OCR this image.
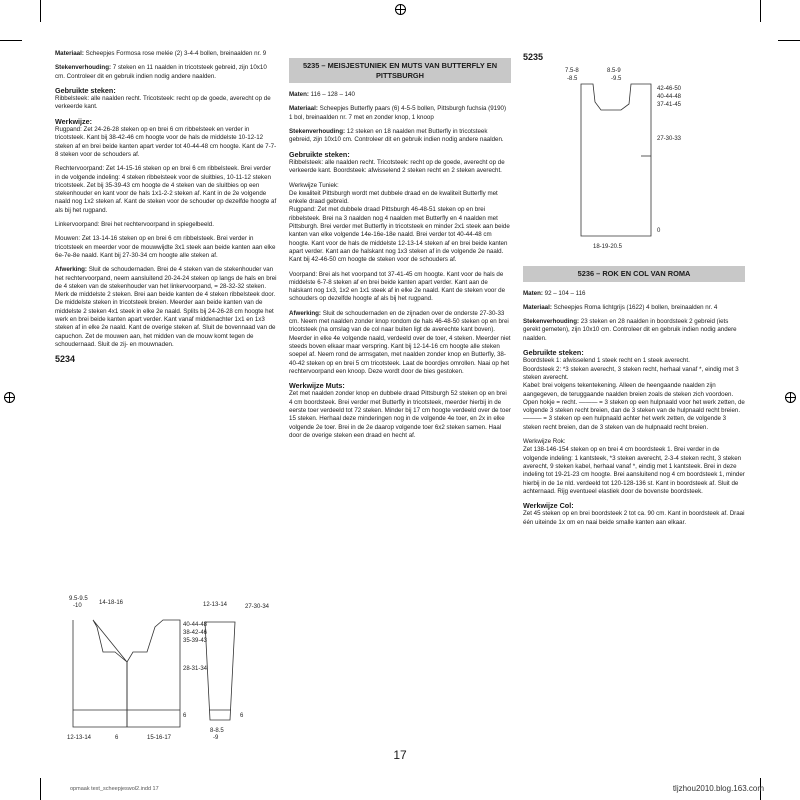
Materiaal: Scheepjes Formosa rose melée (2) 3-4-4 bollen, breinaalden nr. 9
Stekenverhouding: 7 steken en 11 naalden in tricotsteek gebreid, zijn 10x10 cm. Controleer dit en gebruik indien nodig andere naalden.
Gebruikte steken:
Ribbelsteek: alle naalden recht. Tricotsteek: recht op de goede, averecht op de verkeerde kant.
Werkwijze:
Rugpand: Zet 24-26-28 steken op en brei 6 cm ribbelsteek en verder in tricotsteek. Kant bij 38-42-46 cm hoogte voor de hals de middelste 10-12-12 steken af en brei beide kanten apart verder tot 40-44-48 cm hoogte. Kant de 7-7-8 steken voor de schouders af.
Rechtervoorpand: Zet 14-15-16 steken op en brei 6 cm ribbelsteek. Brei verder in de volgende indeling: 4 steken ribbelsteek voor de sluitbies, 10-11-12 steken tricotsteek. Zet bij 35-39-43 cm hoogte de 4 steken van de sluitbies op een stekenhouder en kant voor de hals 1x1-2-2 steken af. Kant in de 2e volgende naald nog 1x2 steken af. Kant de steken voor de schouder op dezelfde hoogte af als bij het rugpand.
Linkervoorpand: Brei het rechtervoorpand in spiegelbeeld.
Mouwen: Zet 13-14-16 steken op en brei 6 cm ribbelsteek. Brei verder in tricotsteek en meerder voor de mouwwijdte 3x1 steek aan beide kanten aan elke 6e-7e-8e naald. Kant bij 27-30-34 cm hoogte alle steken af.
Afwerking: Sluit de schoudernaden. Brei de 4 steken van de stekenhouder van het rechtervoorpand, neem aansluitend 20-24-24 steken op langs de hals en brei de 4 steken van de stekenhouder van het linkervoorpand, = 28-32-32 steken. Merk de middelste 2 steken. Brei aan beide kanten de 4 steken ribbelsteek door. De middelste steken in tricotsteek breien. Meerder aan beide kanten van de middelste 2 steken 4x1 steek in elke 2e naald. Splits bij 24-26-28 cm hoogte het werk en brei beide kanten apart verder. Kant vanaf middenachter 1x1 en 1x3 steken af in elke 2e naald. Kant de overige steken af. Sluit de bovennaad van de capuchon. Zet de mouwen aan, het midden van de mouw komt tegen de schoudernaad. Sluit de zij- en mouwnaden.
5234
9.5-9.5
-10	14-18-16
40-44-48
38-42-46
35-39-43
28-31-34
6
12-13-14	6	15-16-17
12-13-14	27-30-34
6
8-8.5
-9
5235 – MEISJESTUNIEK EN MUTS VAN BUTTERFLY EN PITTSBURGH
Maten: 116 – 128 – 140
Materiaal: Scheepjes Butterfly paars (6) 4-5-5 bollen, Pittsburgh fuchsia (9190) 1 bol, breinaalden nr. 7 met en zonder knop, 1 knoop
Stekenverhouding: 12 steken en 18 naalden met Butterfly in tricotsteek gebreid, zijn 10x10 cm. Controleer dit en gebruik indien nodig andere naalden.
Gebruikte steken:
Ribbelsteek: alle naalden recht. Tricotsteek: recht op de goede, averecht op de verkeerde kant. Boordsteek: afwisselend 2 steken recht en 2 steken averecht.
Werkwijze Tuniek:
De kwaliteit Pittsburgh wordt met dubbele draad en de kwaliteit Butterfly met enkele draad gebreid.
Rugpand: Zet met dubbele draad Pittsburgh 46-48-51 steken op en brei ribbelsteek. Brei na 3 naalden nog 4 naalden met Butterfly en 4 naalden met Pittsburgh. Brei verder met Butterfly in tricotsteek en minder 2x1 steek aan beide kanten van elke volgende 14e-16e-18e naald. Brei verder tot 40-44-48 cm hoogte. Kant voor de hals de middelste 12-13-14 steken af en brei beide kanten apart verder. Kant aan de halskant nog 1x3 steken af in de volgende 2e naald. Kant bij 42-46-50 cm hoogte de steken voor de schouders af.
Voorpand: Brei als het voorpand tot 37-41-45 cm hoogte. Kant voor de hals de middelste 6-7-8 steken af en brei beide kanten apart verder. Kant aan de halskant nog 1x3, 1x2 en 1x1 steek af in elke 2e naald. Kant de steken voor de schouders op dezelfde hoogte af als bij het rugpand.
Afwerking: Sluit de schoudernaden en de zijnaden over de onderste 27-30-33 cm. Neem met naalden zonder knop rondom de hals 46-48-50 steken op en brei tricotsteek (na omslag van de col naar buiten ligt de averechte kant boven). Meerder in elke 4e volgende naald, verdeeld over de toer, 4 steken. Meerder niet steeds boven elkaar maar verspring. Kant bij 12-14-16 cm hoogte alle steken soepel af. Neem rond de armsgaten, met naalden zonder knop en Butterfly, 38-40-42 steken op en brei 5 cm tricotsteek. Laat de boordjes omrollen. Naai op het rechtervoorpand een knoop. Deze wordt door de bies gestoken.
Werkwijze Muts:
Zet met naalden zonder knop en dubbele draad Pittsburgh 52 steken op en brei 4 cm boordsteek. Brei verder met Butterfly in tricotsteek, meerder hierbij in de eerste toer verdeeld tot 72 steken. Minder bij 17 cm hoogte verdeeld over de toer 15 steken. Herhaal deze minderingen nog in de volgende 4e toer, en 2x in elke volgende 2e toer. Brei in de 2e daarop volgende toer 6x2 steken samen. Haal door de overige steken een draad en hecht af.
5235
7.5-8
-8.5
8.5-9
-9.5
42-46-50
40-44-48
37-41-45
27-30-33
0
18-19-20.5
5236 – ROK EN COL VAN ROMA
Maten: 92 – 104 – 116
Materiaal: Scheepjes Roma lichtgrijs (1622) 4 bollen, breinaalden nr. 4
Stekenverhouding: 23 steken en 28 naalden in boordsteek 2 gebreid (iets gerekt gemeten), zijn 10x10 cm. Controleer dit en gebruik indien nodig andere naalden.
Gebruikte steken:
Boordsteek 1: afwisselend 1 steek recht en 1 steek averecht.
Boordsteek 2: *3 steken averecht, 3 steken recht, herhaal vanaf *, eindig met 3 steken averecht.
Kabel: brei volgens tekentekening. Alleen de heengaande naalden zijn aangegeven, de teruggaande naalden breien zoals de steken zich voordoen. Open hokje = recht. ——— = 3 steken op een hulpnaald voor het werk zetten, de volgende 3 steken recht breien, dan de 3 steken van de hulpnaald recht breien. ——— = 3 steken op een hulpnaald achter het werk zetten, de volgende 3 steken recht breien, dan de 3 steken van de hulpnaald recht breien.
Werkwijze Rok:
Zet 138-146-154 steken op en brei 4 cm boordsteek 1. Brei verder in de volgende indeling: 1 kantsteek, *3 steken averecht, 2-3-4 steken recht, 3 steken averecht, 9 steken kabel, herhaal vanaf *, eindig met 1 kantsteek. Brei in deze indeling tot 19-21-23 cm hoogte. Brei aansluitend nog 4 cm boordsteek 1, minder hierbij in de 1e nld. verdeeld tot 120-128-136 st. Kant in boordsteek af. Sluit de achternaad. Rijg eventueel elastiek door de bovenste boordsteek.
Werkwijze Col:
Zet 45 steken op en brei boordsteek 2 tot ca. 90 cm. Kant in boordsteek af. Draai één uiteinde 1x om en naai beide smalle kanten aan elkaar.
17
opmaak text_scheepjeswol2.indd 17	tljzhou2010.blog.163.com
